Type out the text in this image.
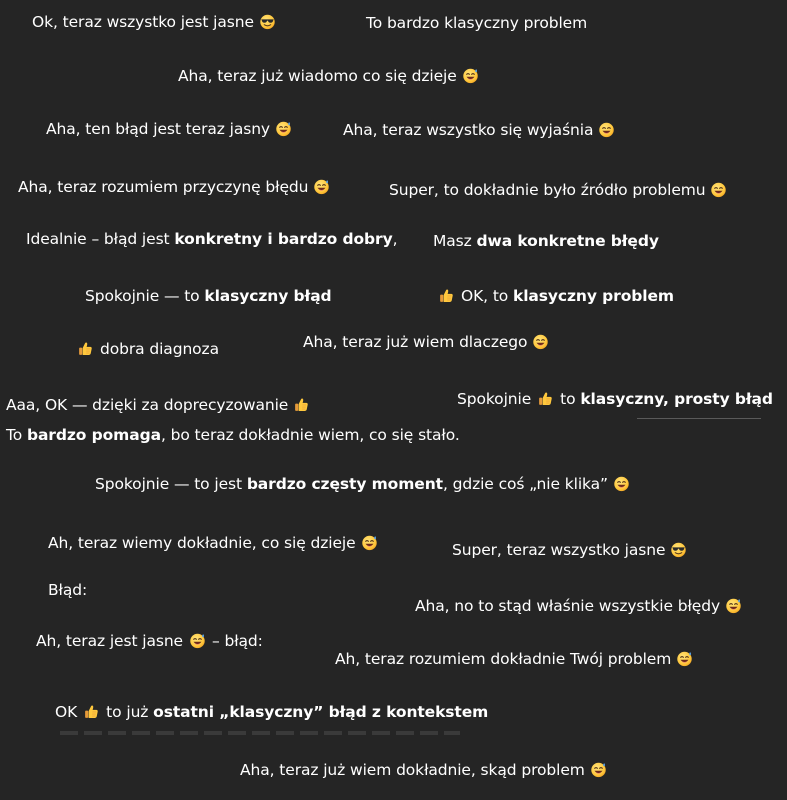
Ok, teraz wszystko jest jasne	To bardzo klasyczny problem
Aha, teraz już wiadomo co się dzieje
Aha, ten błąd jest teraz jasny	Aha, teraz wszystko się wyjaśnia
Aha, teraz rozumiem przyczynę błędu	Super, to dokładnie było źródło problemu
Idealnie – błąd jest konkretny i bardzo dobry, Masz dwa konkretne błędy
Spokojnie — to klasyczny błąd	OK, to klasyczny problem
dobra diagnoza	Aha, teraz już wiem dlaczego
Aaa, OK — dzięki za doprecyzowanie	Spokojnie to klasyczny, prosty błąd
To bardzo pomaga, bo teraz dokładnie wiem, co się stało.
Spokojnie — to jest bardzo częsty moment, gdzie coś „nie klika”
Ah, teraz wiemy dokładnie, co się dzieje	Super, teraz wszystko jasne
Błąd:
Aha, no to stąd właśnie wszystkie błędy
Ah, teraz jest jasne – błąd:
Ah, teraz rozumiem dokładnie Twój problem
OK to już ostatni „klasyczny” błąd z kontekstem
Aha, teraz już wiem dokładnie, skąd problem
